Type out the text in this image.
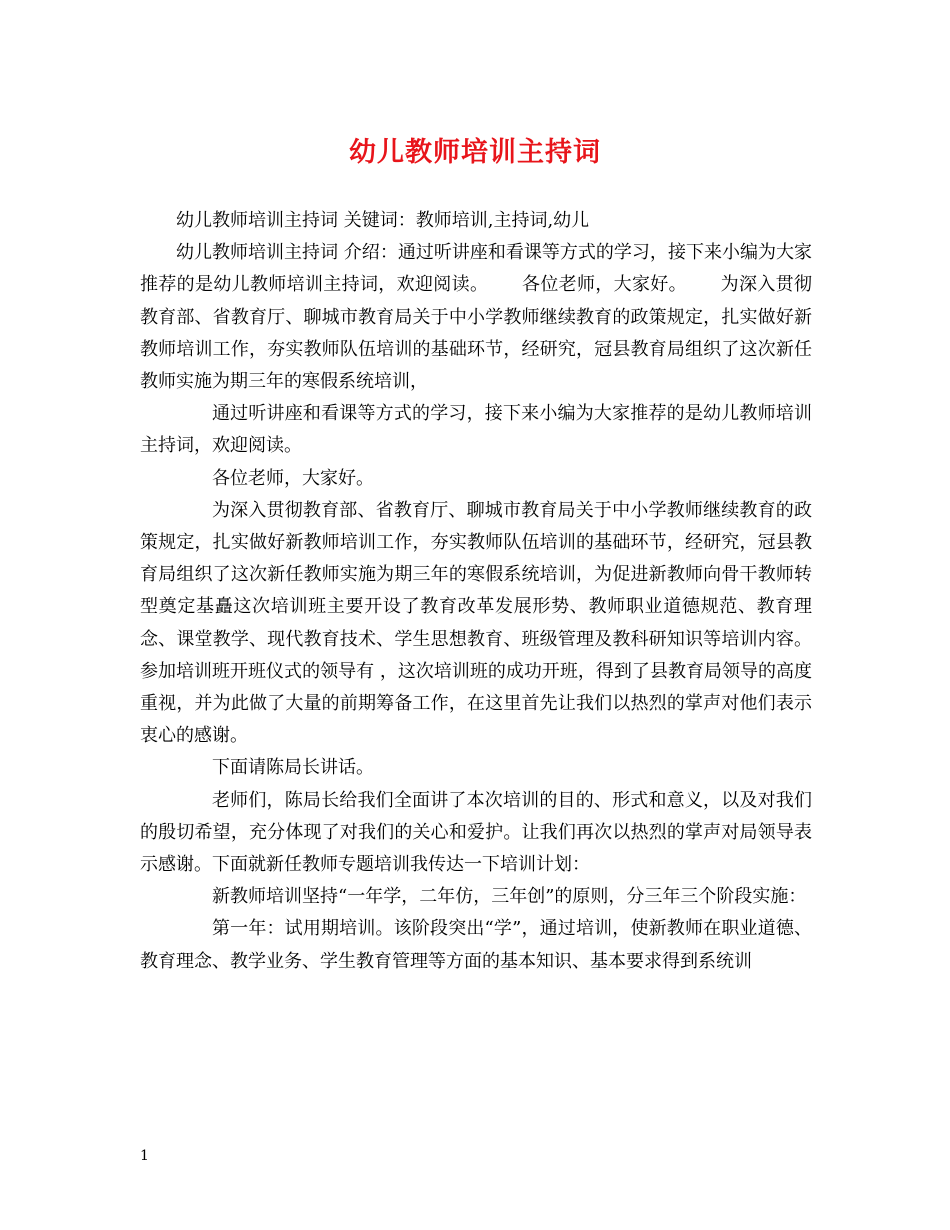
幼儿教师培训主持词

幼儿教师培训主持词 关键词：教师培训,主持词,幼儿

幼儿教师培训主持词 介绍：通过听讲座和看课等方式的学习，接下来小编为大家推荐的是幼儿教师培训主持词，欢迎阅读。　　 各位老师，大家好。　　 为深入贯彻教育部、省教育厅、聊城市教育局关于中小学教师继续教育的政策规定，扎实做好新教师培训工作，夯实教师队伍培训的基础环节，经研究，冠县教育局组织了这次新任教师实施为期三年的寒假系统培训，

通过听讲座和看课等方式的学习，接下来小编为大家推荐的是幼儿教师培训主持词，欢迎阅读。

各位老师，大家好。

为深入贯彻教育部、省教育厅、聊城市教育局关于中小学教师继续教育的政策规定，扎实做好新教师培训工作，夯实教师队伍培训的基础环节，经研究，冠县教育局组织了这次新任教师实施为期三年的寒假系统培训，为促进新教师向骨干教师转型奠定基矗这次培训班主要开设了教育改革发展形势、教师职业道德规范、教育理念、课堂教学、现代教育技术、学生思想教育、班级管理及教科研知识等培训内容。参加培训班开班仪式的领导有 ，这次培训班的成功开班，得到了县教育局领导的高度重视，并为此做了大量的前期筹备工作，在这里首先让我们以热烈的掌声对他们表示衷心的感谢。

下面请陈局长讲话。

老师们，陈局长给我们全面讲了本次培训的目的、形式和意义，以及对我们的殷切希望，充分体现了对我们的关心和爱护。让我们再次以热烈的掌声对局领导表示感谢。下面就新任教师专题培训我传达一下培训计划：

新教师培训坚持“一年学，二年仿，三年创”的原则，分三年三个阶段实施：

第一年：试用期培训。该阶段突出“学”，通过培训，使新教师在职业道德、教育理念、教学业务、学生教育管理等方面的基本知识、基本要求得到系统训

1
